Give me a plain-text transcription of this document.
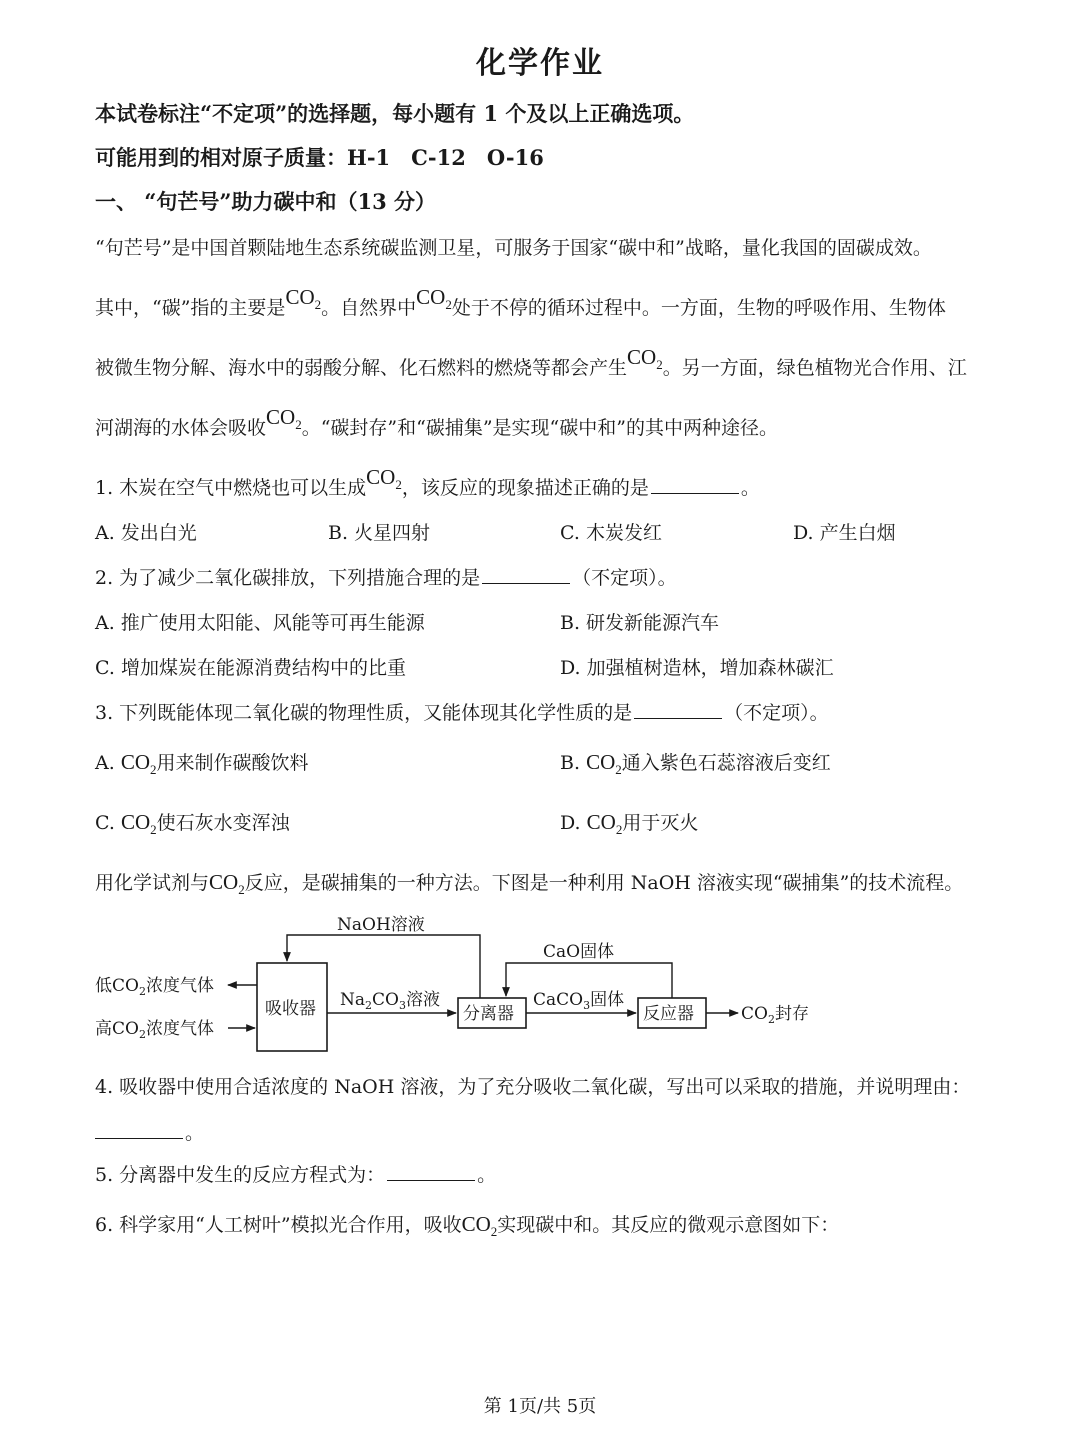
化学作业
本试卷标注“不定项”的选择题，每小题有 1 个及以上正确选项。
可能用到的相对原子质量：H-1　C-12　O-16
一、 “句芒号”助力碳中和（13 分）
“句芒号”是中国首颗陆地生态系统碳监测卫星，可服务于国家“碳中和”战略，量化我国的固碳成效。
其中，“碳”指的主要是$CO_2$。自然界中$CO_2$处于不停的循环过程中。一方面，生物的呼吸作用、生物体
被微生物分解、海水中的弱酸分解、化石燃料的燃烧等都会产生$CO_2$。另一方面，绿色植物光合作用、江
河湖海的水体会吸收$CO_2$。“碳封存”和“碳捕集”是实现“碳中和”的其中两种途径。
1. 木炭在空气中燃烧也可以生成$CO_2$，该反应的现象描述正确的是	。
A. 发出白光	B. 火星四射	C. 木炭发红	D. 产生白烟
2. 为了减少二氧化碳排放，下列措施合理的是	（不定项）。
A. 推广使用太阳能、风能等可再生能源	B. 研发新能源汽车
C. 增加煤炭在能源消费结构中的比重	D. 加强植树造林，增加森林碳汇
3. 下列既能体现二氧化碳的物理性质，又能体现其化学性质的是	（不定项）。
A. $CO_2$用来制作碳酸饮料	B. $CO_2$通入紫色石蕊溶液后变红
C. $CO_2$使石灰水变浑浊	D. $CO_2$用于灭火
用化学试剂与$CO_2$反应，是碳捕集的一种方法。下图是一种利用 NaOH 溶液实现“碳捕集”的技术流程。
吸收器	分离器	反应器
NaOH溶液
CaO固体
低$CO_2$浓度气体
高$CO_2$浓度气体
$Na_2CO_3$溶液	CaCO$_3$固体
$CO_2$封存
4. 吸收器中使用合适浓度的 NaOH 溶液，为了充分吸收二氧化碳，写出可以采取的措施，并说明理由：
。
5. 分离器中发生的反应方程式为：	。
6. 科学家用“人工树叶”模拟光合作用，吸收$CO_2$实现碳中和。其反应的微观示意图如下：
第 1页/共 5页
